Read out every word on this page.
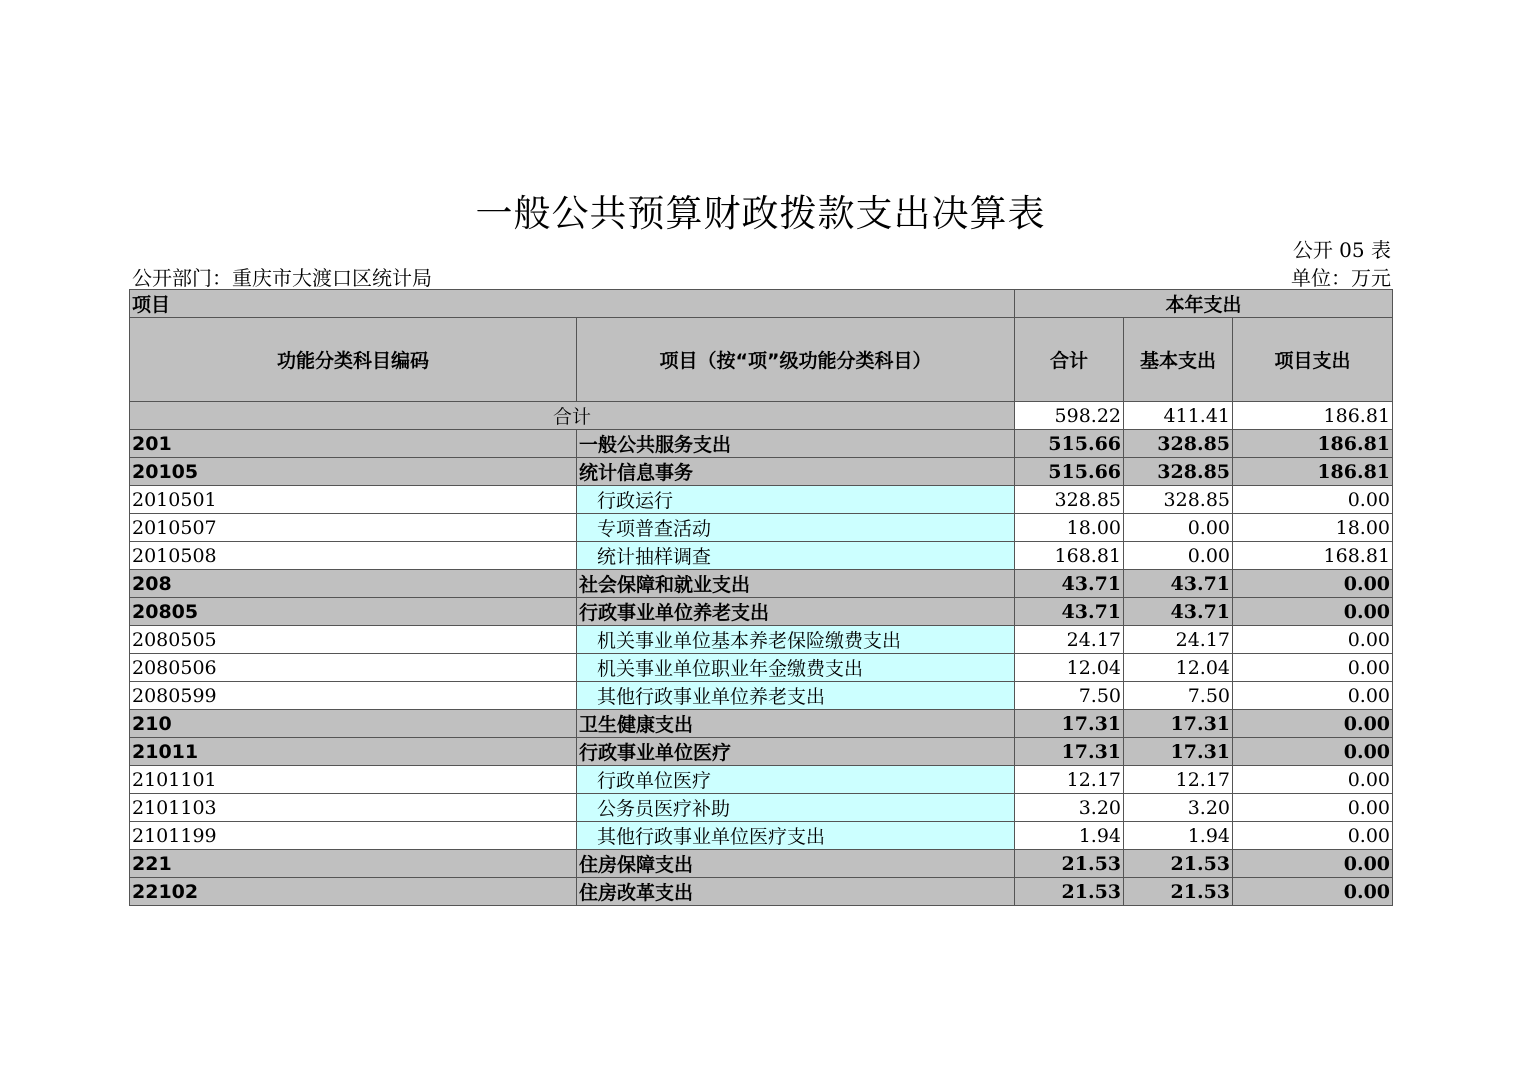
一般公共预算财政拨款支出决算表
公开 05 表
公开部门：重庆市大渡口区统计局	单位：万元
项目		本年支出		
功能分类科目编码	项目（按“项”级功能分类科目）	合计	基本支出	项目支出
合计		598.22	411.41	186.81
201	一般公共服务支出	515.66	328.85	186.81
20105	统计信息事务	515.66	328.85	186.81
2010501	行政运行	328.85	328.85	0.00
2010507	专项普查活动	18.00	0.00	18.00
2010508	统计抽样调查	168.81	0.00	168.81
208	社会保障和就业支出	43.71	43.71	0.00
20805	行政事业单位养老支出	43.71	43.71	0.00
2080505	机关事业单位基本养老保险缴费支出	24.17	24.17	0.00
2080506	机关事业单位职业年金缴费支出	12.04	12.04	0.00
2080599	其他行政事业单位养老支出	7.50	7.50	0.00
210	卫生健康支出	17.31	17.31	0.00
21011	行政事业单位医疗	17.31	17.31	0.00
2101101	行政单位医疗	12.17	12.17	0.00
2101103	公务员医疗补助	3.20	3.20	0.00
2101199	其他行政事业单位医疗支出	1.94	1.94	0.00
221	住房保障支出	21.53	21.53	0.00
22102	住房改革支出	21.53	21.53	0.00
